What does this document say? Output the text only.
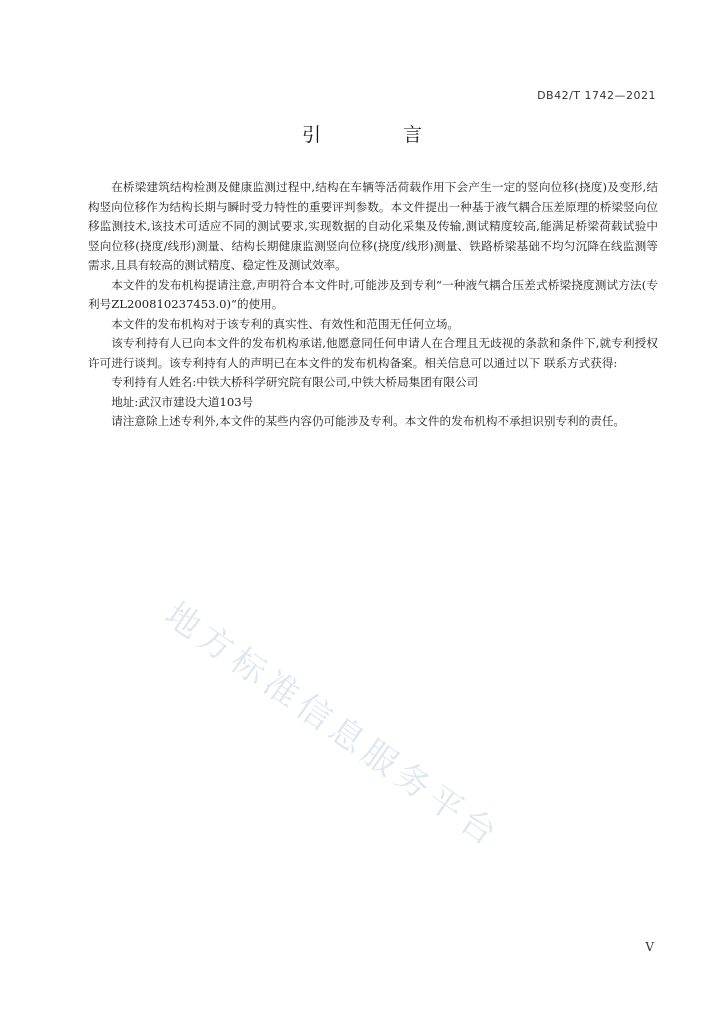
DB42/T 1742—2021
引 言

在桥梁建筑结构检测及健康监测过程中,结构在车辆等活荷载作用下会产生一定的竖向位移(挠度)及变形,结构竖向位移作为结构长期与瞬时受力特性的重要评判参数。本文件提出一种基于液气耦合压差原理的桥梁竖向位移监测技术,该技术可适应不同的测试要求,实现数据的自动化采集及传输,测试精度较高,能满足桥梁荷载试验中竖向位移(挠度/线形)测量、结构长期健康监测竖向位移(挠度/线形)测量、铁路桥梁基础不均匀沉降在线监测等需求,且具有较高的测试精度、稳定性及测试效率。

本文件的发布机构提请注意,声明符合本文件时,可能涉及到专利“一种液气耦合压差式桥梁挠度测试方法(专利号ZL200810237453.0)”的使用。

本文件的发布机构对于该专利的真实性、有效性和范围无任何立场。

该专利持有人已向本文件的发布机构承诺,他愿意同任何申请人在合理且无歧视的条款和条件下,就专利授权许可进行谈判。该专利持有人的声明已在本文件的发布机构备案。相关信息可以通过以下 联系方式获得:

专利持有人姓名:中铁大桥科学研究院有限公司,中铁大桥局集团有限公司

地址:武汉市建设大道103号

请注意除上述专利外,本文件的某些内容仍可能涉及专利。本文件的发布机构不承担识别专利的责任。

地方标准信息服务平台
V
